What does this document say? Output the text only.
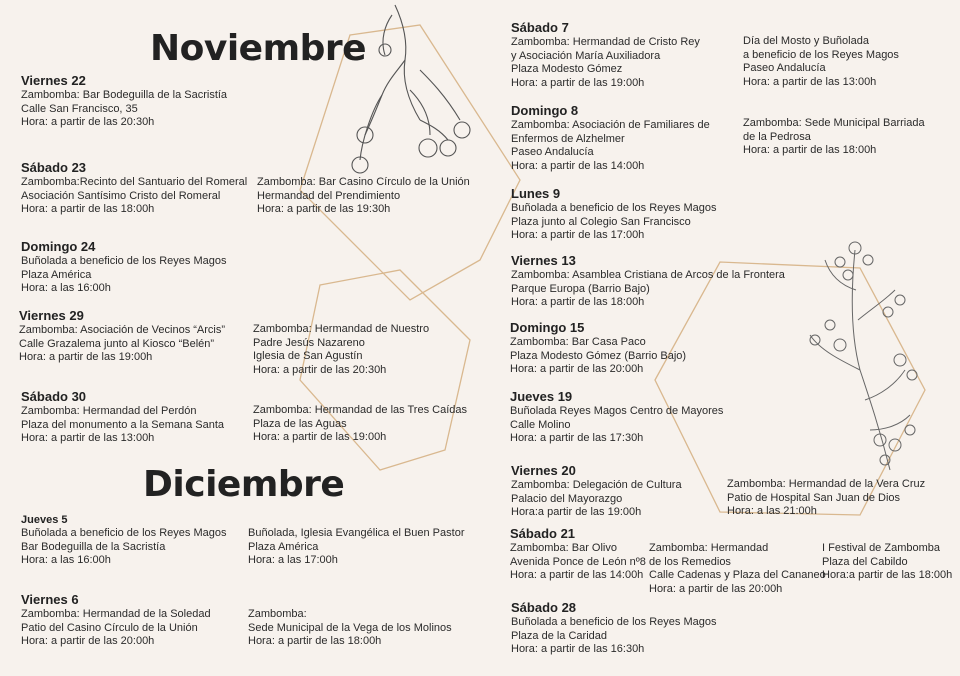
Noviembre
Diciembre
Viernes 22
Zambomba: Bar Bodeguilla de la Sacristía
Calle San Francisco, 35
Hora: a partir de las 20:30h
Sábado 23
Zambomba:Recinto del Santuario del Romeral
Asociación Santísimo Cristo del Romeral
Hora: a partir de las 18:00h
Zambomba: Bar Casino Círculo de la Unión
Hermandad del Prendimiento
Hora: a partir de las 19:30h
Domingo 24
Buñolada a beneficio de los Reyes Magos
Plaza América
Hora: a las 16:00h
Viernes 29
Zambomba: Asociación de Vecinos “Arcis”
Calle Grazalema junto al Kiosco “Belén”
Hora: a partir de las 19:00h
Zambomba: Hermandad de Nuestro
Padre Jesús Nazareno
Iglesia de San Agustín
Hora: a partir de las 20:30h
Sábado 30
Zambomba: Hermandad del Perdón
Plaza del monumento a la Semana Santa
Hora: a partir de las 13:00h
Zambomba: Hermandad de las Tres Caídas
Plaza de las Aguas
Hora: a partir de las 19:00h
Jueves 5
Buñolada a beneficio de los Reyes Magos
Bar Bodeguilla de la Sacristía
Hora: a las 16:00h
Buñolada, Iglesia Evangélica el Buen Pastor
Plaza América
Hora: a las 17:00h
Viernes 6
Zambomba: Hermandad de la Soledad
Patio del Casino Círculo de la Unión
Hora: a partir de las 20:00h
Zambomba:
Sede Municipal de la Vega de los Molinos
Hora: a partir de las 18:00h
Sábado 7
Zambomba: Hermandad de Cristo Rey
y Asociación María Auxiliadora
Plaza Modesto Gómez
Hora: a partir de las 19:00h
Día del Mosto y Buñolada
a beneficio de los Reyes Magos
Paseo Andalucía
Hora: a partir de las 13:00h
Domingo 8
Zambomba: Asociación de Familiares de
Enfermos de Alzhelmer
Paseo Andalucía
Hora: a partir de las 14:00h
Zambomba: Sede Municipal Barriada
de la Pedrosa
Hora: a partir de las 18:00h
Lunes 9
Buñolada a beneficio de los Reyes Magos
Plaza junto al Colegio San Francisco
Hora: a partir de las 17:00h
Viernes 13
Zambomba: Asamblea Cristiana de Arcos de la Frontera
Parque Europa (Barrio Bajo)
Hora: a partir de las 18:00h
Domingo 15
Zambomba: Bar Casa Paco
Plaza Modesto Gómez (Barrio Bajo)
Hora: a partir de las 20:00h
Jueves 19
Buñolada Reyes Magos Centro de Mayores
Calle Molino
Hora: a partir de las 17:30h
Viernes 20
Zambomba: Delegación de Cultura
Palacio del Mayorazgo
Hora:a partir de las 19:00h
Zambomba: Hermandad de la Vera Cruz
Patio de Hospital San Juan de Dios
Hora: a las 21:00h
Sábado 21
Zambomba: Bar Olivo
Avenida Ponce de León nº8
Hora: a partir de las 14:00h
Zambomba: Hermandad
de los Remedios
Calle Cadenas y Plaza del Cananeo
Hora: a partir de las 20:00h
I Festival de Zambomba
Plaza del Cabildo
Hora:a partir de las 18:00h
Sábado 28
Buñolada a beneficio de los Reyes Magos
Plaza de la Caridad
Hora: a partir de las 16:30h
